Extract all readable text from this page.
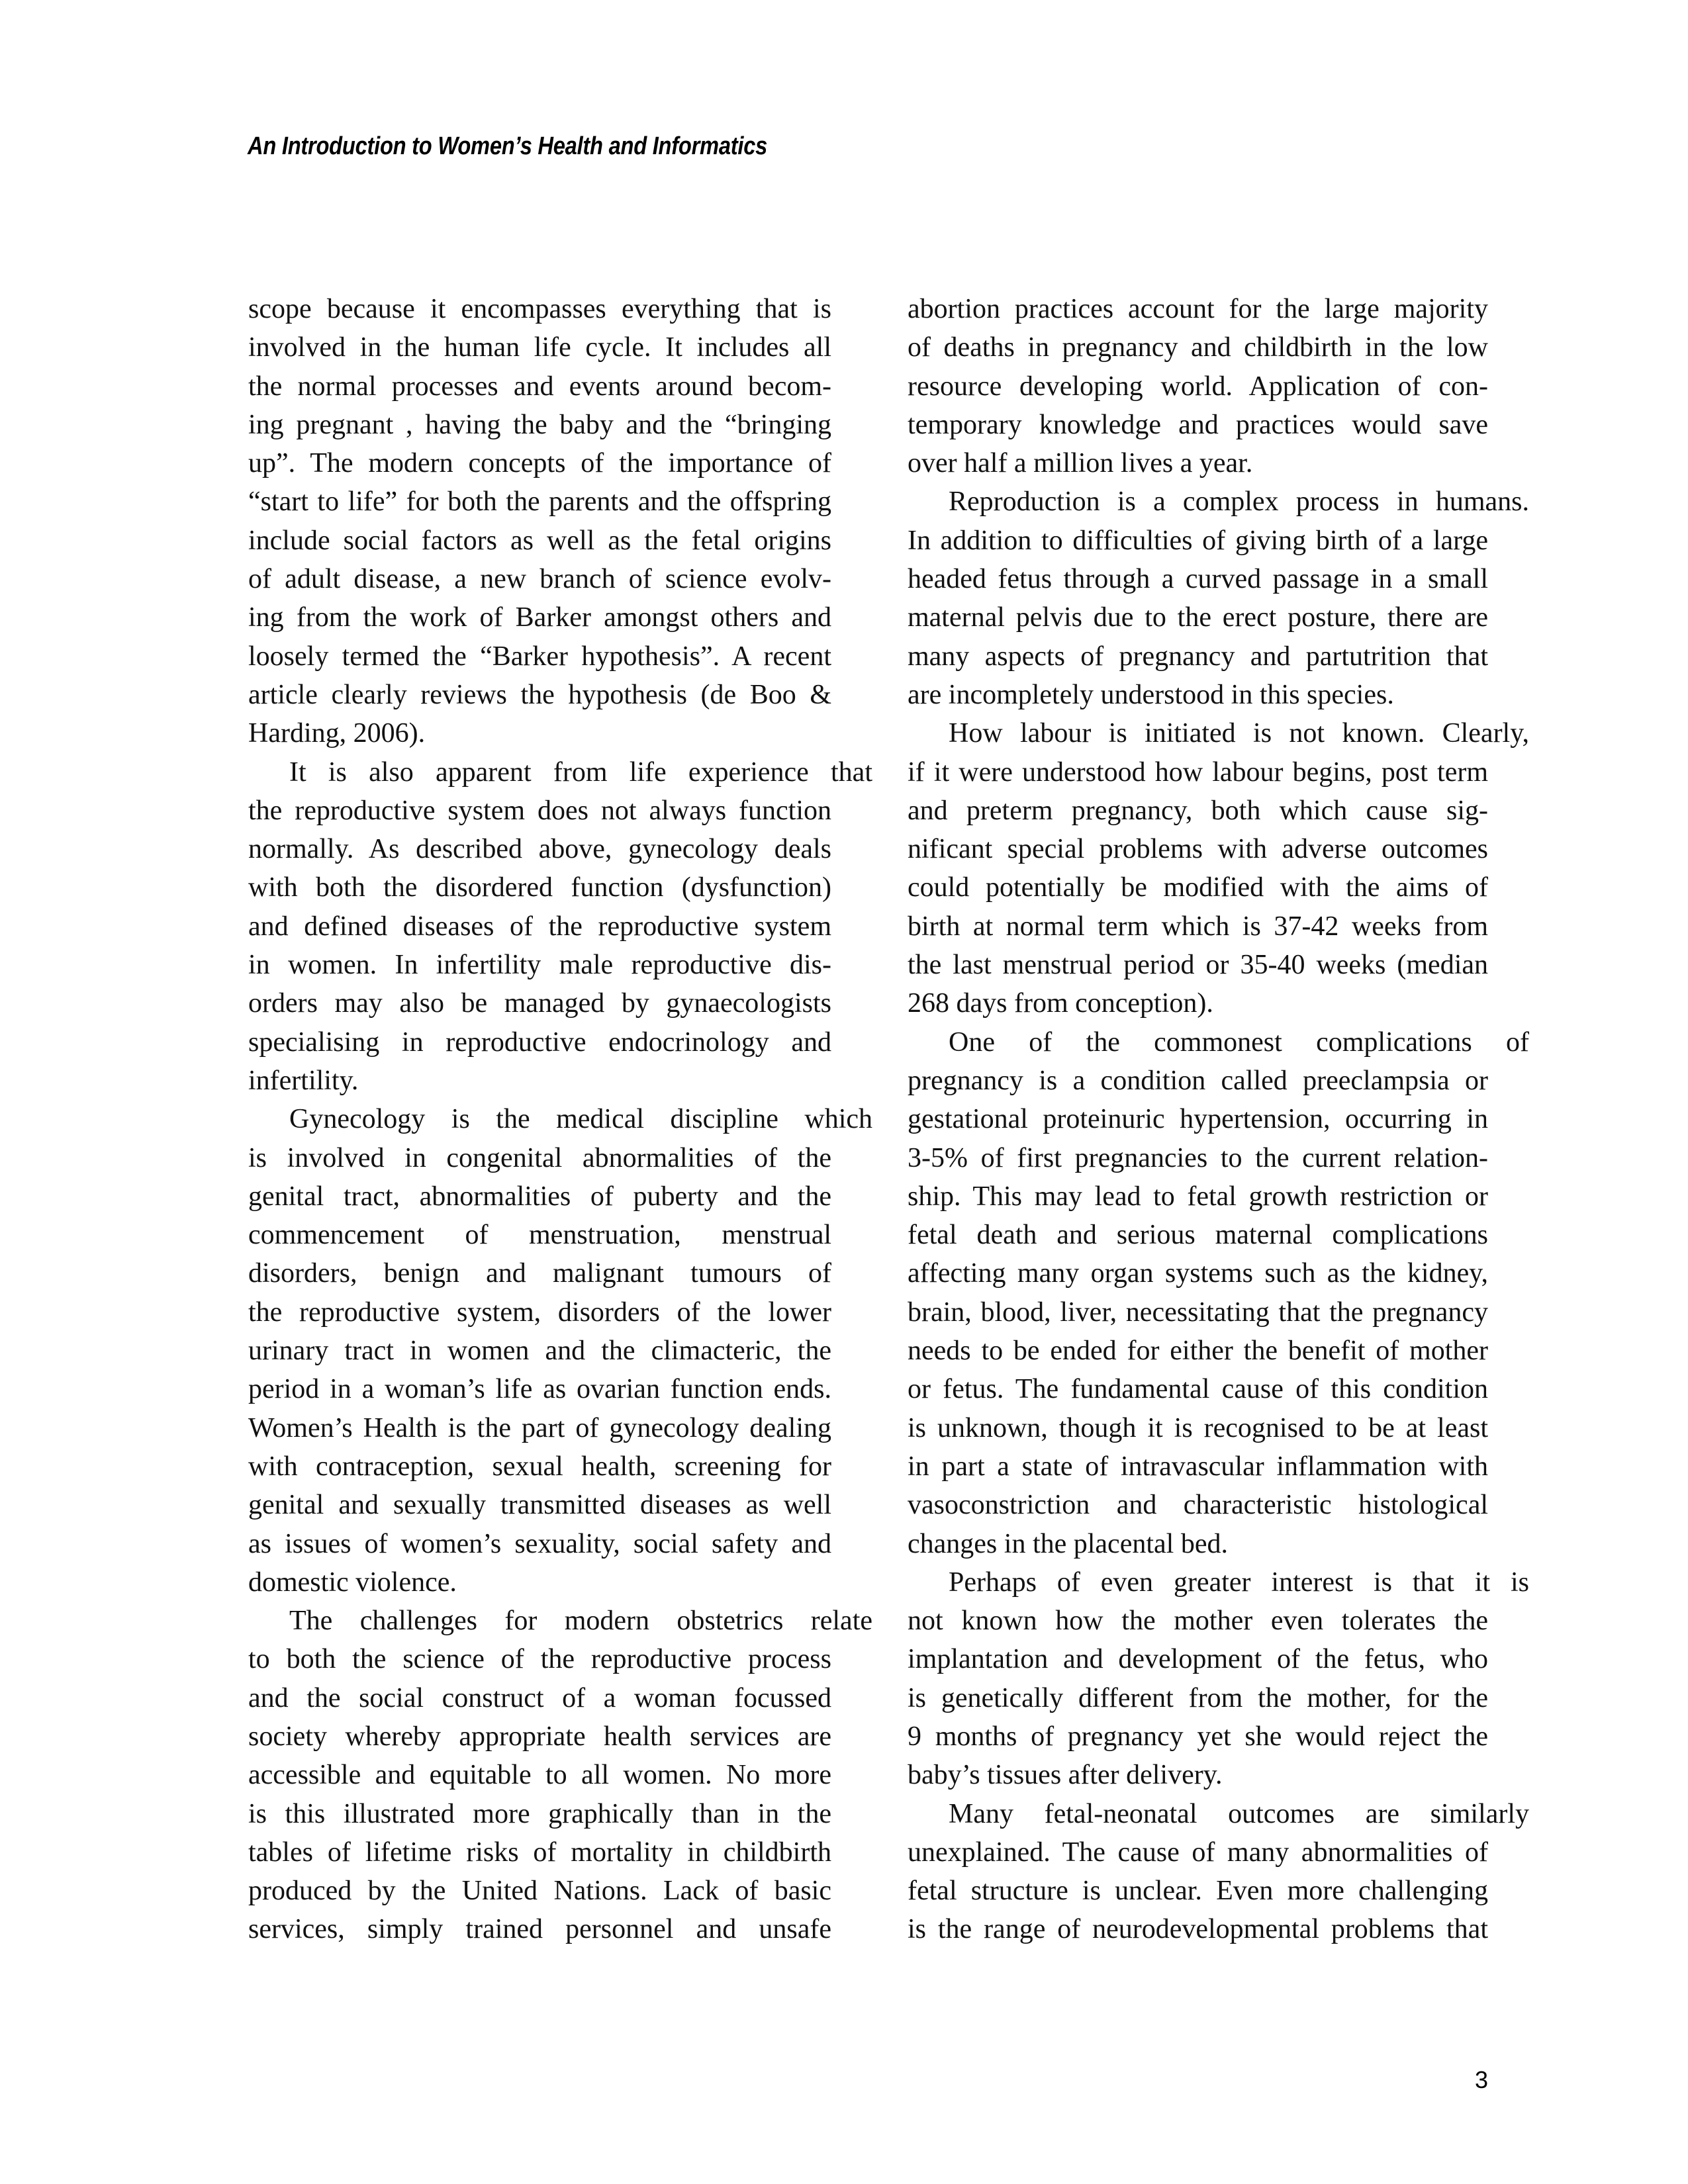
An Introduction to Women’s Health and Informatics
scope because it encompasses everything that is
involved in the human life cycle. It includes all
the normal processes and events around becom-
ing pregnant , having the baby and the “bringing
up”. The modern concepts of the importance of
“start to life” for both the parents and the offspring
include social factors as well as the fetal origins
of adult disease, a new branch of science evolv-
ing from the work of Barker amongst others and
loosely termed the “Barker hypothesis”. A recent
article clearly reviews the hypothesis (de Boo &
Harding, 2006).
It is also apparent from life experience that
the reproductive system does not always function
normally. As described above, gynecology deals
with both the disordered function (dysfunction)
and defined diseases of the reproductive system
in women. In infertility male reproductive dis-
orders may also be managed by gynaecologists
specialising in reproductive endocrinology and
infertility.
Gynecology is the medical discipline which
is involved in congenital abnormalities of the
genital tract, abnormalities of puberty and the
commencement of menstruation, menstrual
disorders, benign and malignant tumours of
the reproductive system, disorders of the lower
urinary tract in women and the climacteric, the
period in a woman’s life as ovarian function ends.
Women’s Health is the part of gynecology dealing
with contraception, sexual health, screening for
genital and sexually transmitted diseases as well
as issues of women’s sexuality, social safety and
domestic violence.
The challenges for modern obstetrics relate
to both the science of the reproductive process
and the social construct of a woman focussed
society whereby appropriate health services are
accessible and equitable to all women. No more
is this illustrated more graphically than in the
tables of lifetime risks of mortality in childbirth
produced by the United Nations. Lack of basic
services, simply trained personnel and unsafe
abortion practices account for the large majority
of deaths in pregnancy and childbirth in the low
resource developing world. Application of con-
temporary knowledge and practices would save
over half a million lives a year.
Reproduction is a complex process in humans.
In addition to difficulties of giving birth of a large
headed fetus through a curved passage in a small
maternal pelvis due to the erect posture, there are
many aspects of pregnancy and partutrition that
are incompletely understood in this species.
How labour is initiated is not known. Clearly,
if it were understood how labour begins, post term
and preterm pregnancy, both which cause sig-
nificant special problems with adverse outcomes
could potentially be modified with the aims of
birth at normal term which is 37-42 weeks from
the last menstrual period or 35-40 weeks (median
268 days from conception).
One of the commonest complications of
pregnancy is a condition called preeclampsia or
gestational proteinuric hypertension, occurring in
3-5% of first pregnancies to the current relation-
ship. This may lead to fetal growth restriction or
fetal death and serious maternal complications
affecting many organ systems such as the kidney,
brain, blood, liver, necessitating that the pregnancy
needs to be ended for either the benefit of mother
or fetus. The fundamental cause of this condition
is unknown, though it is recognised to be at least
in part a state of intravascular inflammation with
vasoconstriction and characteristic histological
changes in the placental bed.
Perhaps of even greater interest is that it is
not known how the mother even tolerates the
implantation and development of the fetus, who
is genetically different from the mother, for the
9 months of pregnancy yet she would reject the
baby’s tissues after delivery.
Many fetal-neonatal outcomes are similarly
unexplained. The cause of many abnormalities of
fetal structure is unclear. Even more challenging
is the range of neurodevelopmental problems that
3
